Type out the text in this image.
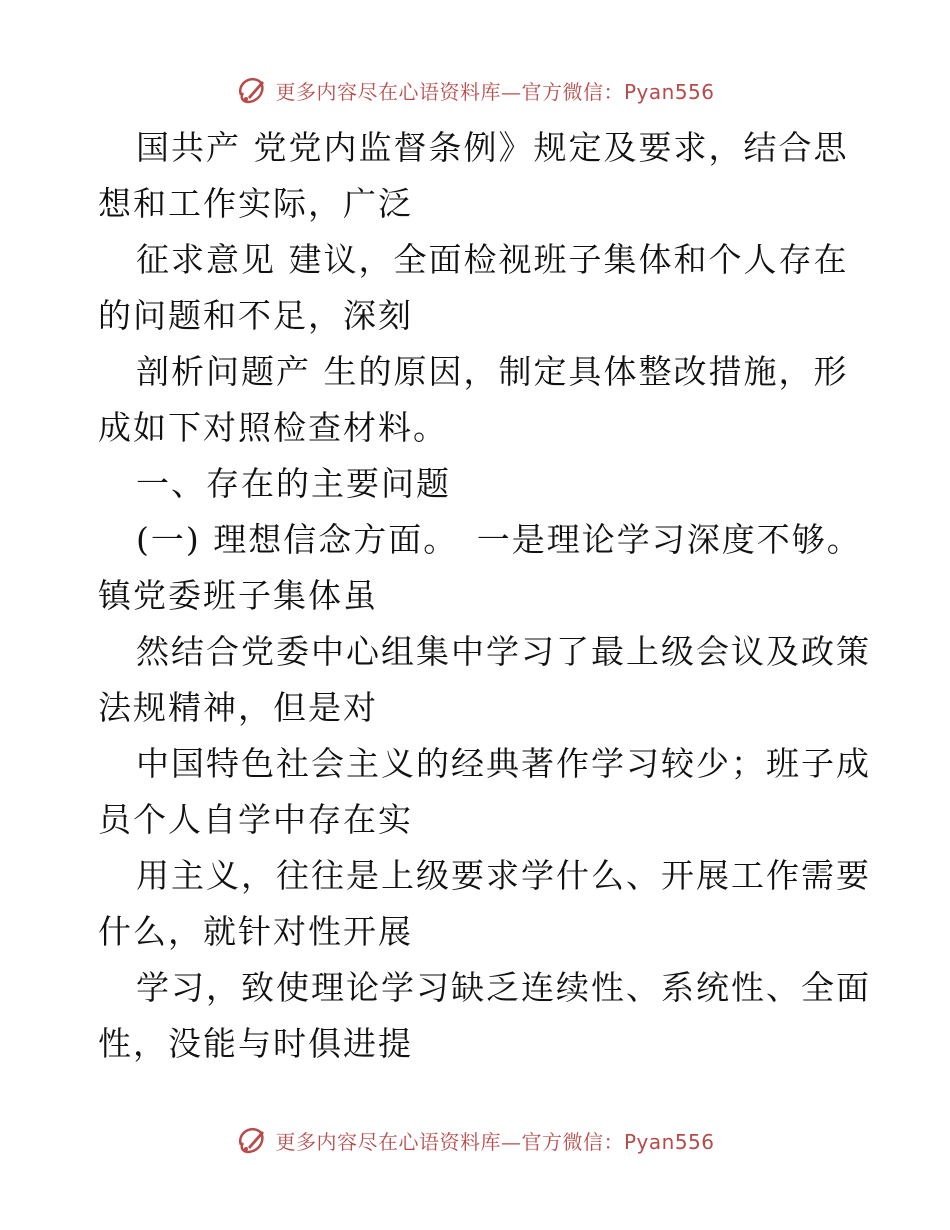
更多内容尽在心语资料库—官方微信：Pyan556

国共产 党党内监督条例》规定及要求，结合思
想和工作实际，广泛

征求意见 建议，全面检视班子集体和个人存在
的问题和不足，深刻

剖析问题产 生的原因，制定具体整改措施，形
成如下对照检查材料。

一、存在的主要问题

(一) 理想信念方面。　一是理论学习深度不够。
镇党委班子集体虽

然结合党委中心组集中学习了最上级会议及政策
法规精神，但是对

中国特色社会主义的经典著作学习较少；班子成
员个人自学中存在实

用主义，往往是上级要求学什么、开展工作需要
什么，就针对性开展

学习，致使理论学习缺乏连续性、系统性、全面
性，没能与时俱进提

更多内容尽在心语资料库—官方微信：Pyan556
